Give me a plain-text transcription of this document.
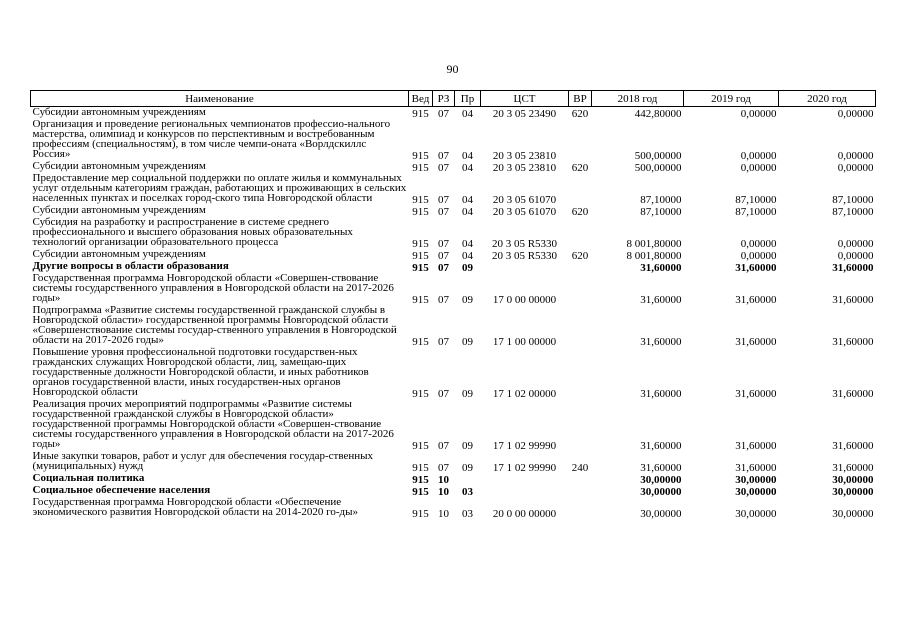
90
Наименование	Вед	РЗ	Пр	ЦСТ	ВР	2018 год	2019 год	2020 год
Субсидии автономным учреждениям	915	07	04	20 3 05 23490	620	442,80000	0,00000	0,00000
Организация и проведение региональных чемпионатов профессио-нального мастерства, олимпиад и конкурсов по перспективным и востребованным профессиям (специальностям), в том числе чемпи-оната «Ворлдскиллс Россия»	915	07	04	20 3 05 23810		500,00000	0,00000	0,00000
Субсидии автономным учреждениям	915	07	04	20 3 05 23810	620	500,00000	0,00000	0,00000
Предоставление мер социальной поддержки по оплате жилья и коммунальных услуг отдельным категориям граждан, работающих и проживающих в сельских населенных пунктах и поселках город-ского типа Новгородской области	915	07	04	20 3 05 61070		87,10000	87,10000	87,10000
Субсидии автономным учреждениям	915	07	04	20 3 05 61070	620	87,10000	87,10000	87,10000
Субсидия на разработку и распространение в системе среднего профессионального и высшего образования новых образовательных технологий организации образовательного процесса	915	07	04	20 3 05 R5330		8 001,80000	0,00000	0,00000
Субсидии автономным учреждениям	915	07	04	20 3 05 R5330	620	8 001,80000	0,00000	0,00000
Другие вопросы в области образования	915	07	09			31,60000	31,60000	31,60000
Государственная программа Новгородской области «Совершен-ствование системы государственного управления в Новгородской области на 2017-2026 годы»	915	07	09	17 0 00 00000		31,60000	31,60000	31,60000
Подпрограмма «Развитие системы государственной гражданской службы в Новгородской области» государственной программы Новгородской области «Совершенствование системы государ-ственного управления в Новгородской области на 2017-2026 годы»	915	07	09	17 1 00 00000		31,60000	31,60000	31,60000
Повышение уровня профессиональной подготовки государствен-ных гражданских служащих Новгородской области, лиц, замещаю-щих государственные должности Новгородской области, и иных работников органов государственной власти, иных государствен-ных органов Новгородской области	915	07	09	17 1 02 00000		31,60000	31,60000	31,60000
Реализация прочих мероприятий подпрограммы «Развитие системы государственной гражданской службы в Новгородской области» государственной программы Новгородской области «Совершен-ствование системы государственного управления в Новгородской области на 2017-2026 годы»	915	07	09	17 1 02 99990		31,60000	31,60000	31,60000
Иные закупки товаров, работ и услуг для обеспечения государ-ственных (муниципальных) нужд	915	07	09	17 1 02 99990	240	31,60000	31,60000	31,60000
Социальная политика	915	10				30,00000	30,00000	30,00000
Социальное обеспечение населения	915	10	03			30,00000	30,00000	30,00000
Государственная программа Новгородской области «Обеспечение экономического развития Новгородской области на 2014-2020 го-ды»	915	10	03	20 0 00 00000		30,00000	30,00000	30,00000
